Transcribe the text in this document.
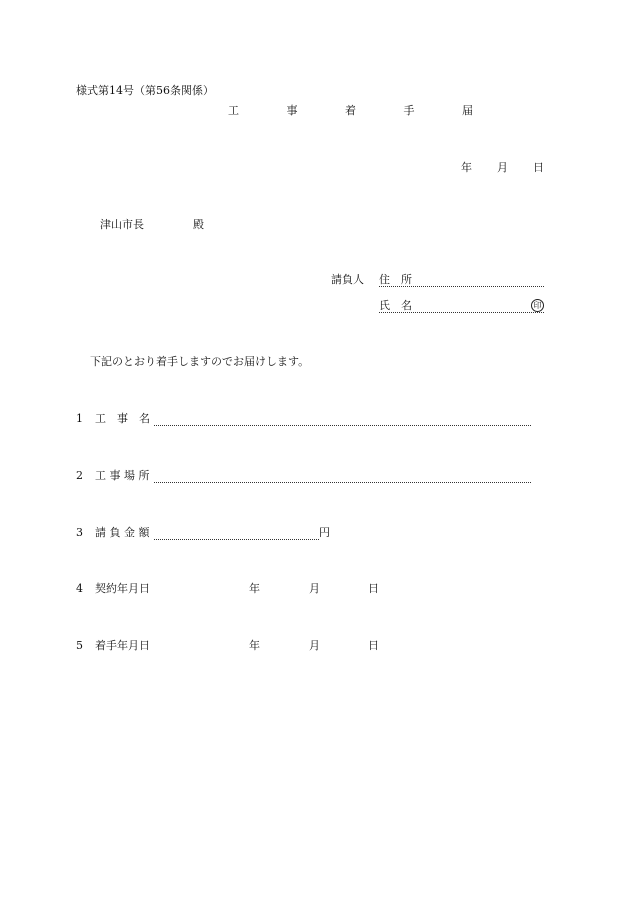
様式第14号（第56条関係）
工 事 着 手 届
年 月 日
津山市長	殿
請負人 住　所
氏　名	印
下記のとおり着手しますのでお届けします。
1 工　事　名
2 工 事 場 所
3 請 負 金 額	円
4 契約年月日	年	月	日
5 着手年月日	年	月	日
